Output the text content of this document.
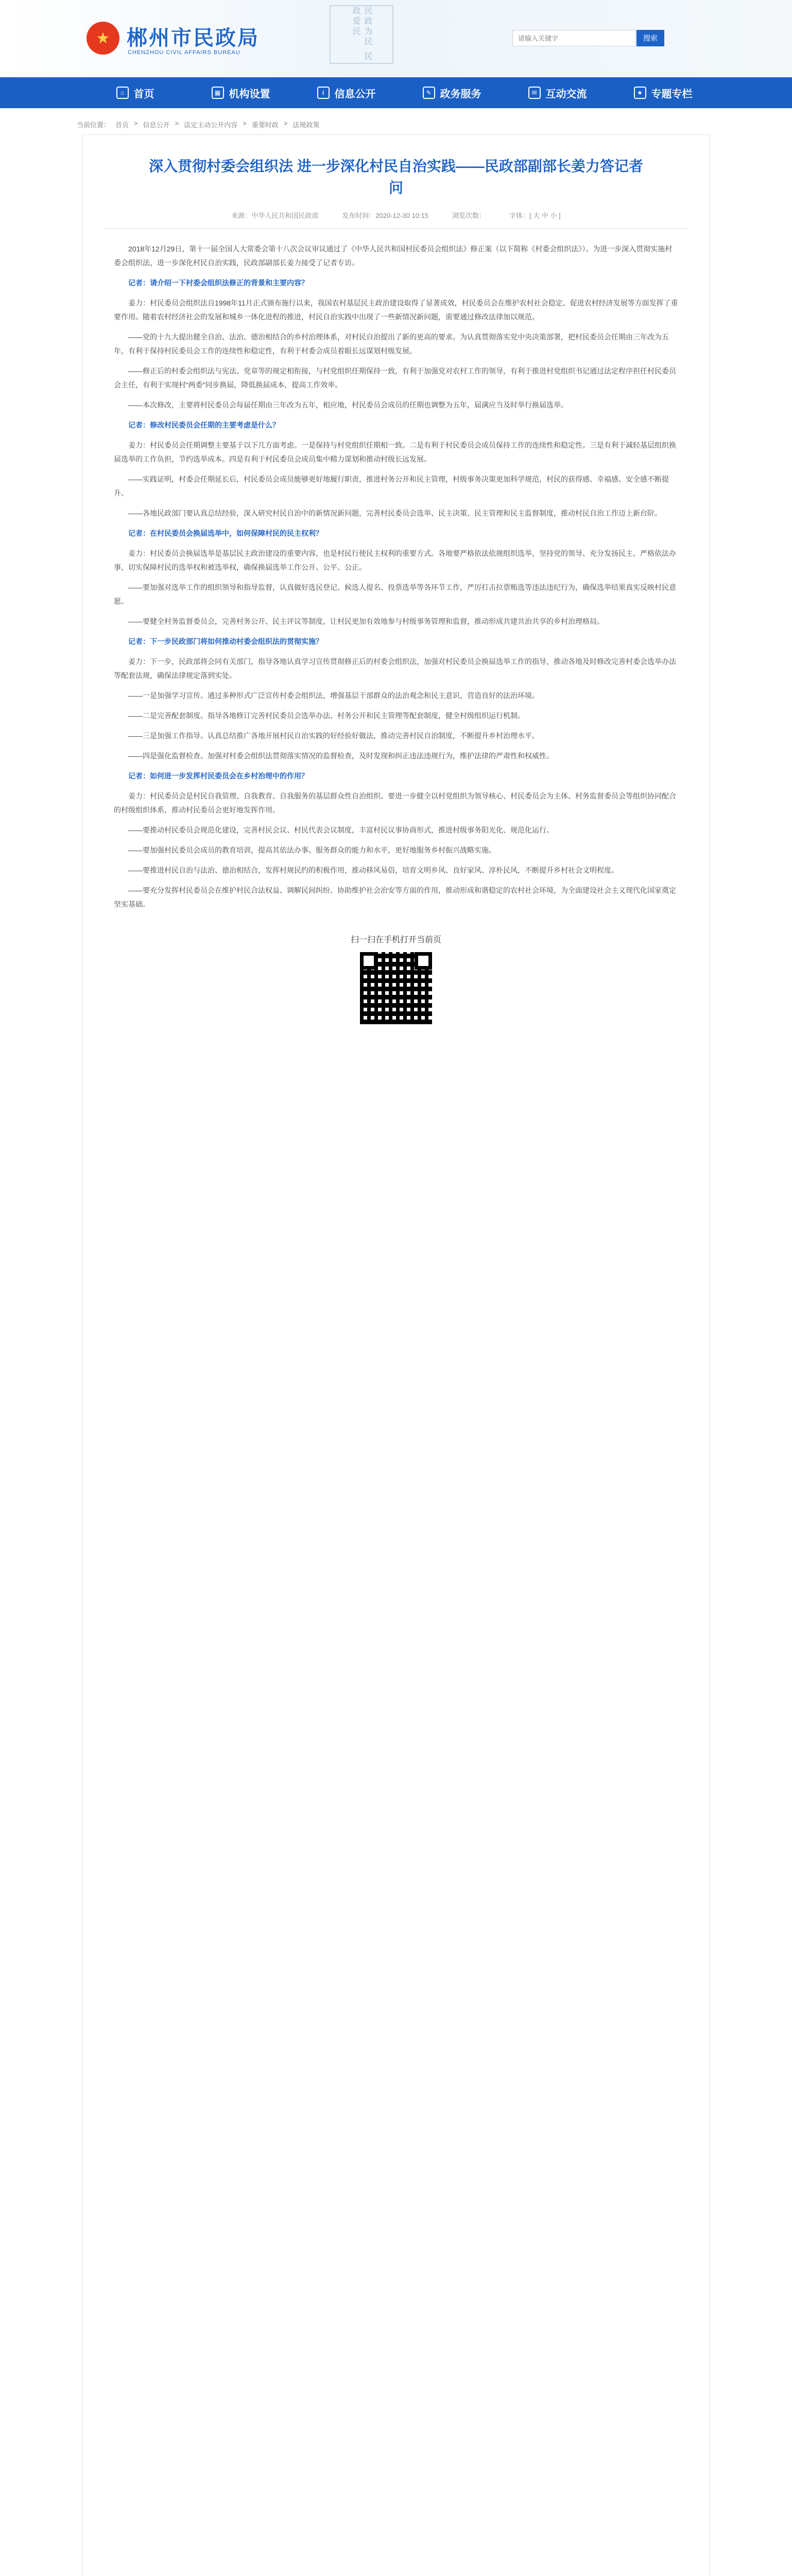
★ 郴州市民政局
CHENZHOU CIVIL AFFAIRS BUREAU	民政为民 民政爱民
请输入关键字
搜索
⌂ 首页	▦ 机构设置	i	信息公开	✎ 政务服务	✉ 互动交流	★ 专题专栏
当前位置： 首页 > 信息公开 > 法定主动公开内容 > 重要时政 > 法规政策
深入贯彻村委会组织法 进一步深化村民自治实践——民政部副部长姜力答记者问
来源：中华人民共和国民政部	发布时间：2020-12-30 10:15	浏览次数：	字体：[ 大 中 小 ]

2018年12月29日，第十一届全国人大常委会第十八次会议审议通过了《中华人民共和国村民委员会组织法》修正案（以下简称《村委会组织法》）。为进一步深入贯彻实施村委会组织法，进一步深化村民自治实践，民政部副部长姜力接受了记者专访。

记者：请介绍一下村委会组织法修正的背景和主要内容？

姜力：村民委员会组织法自1998年11月正式颁布施行以来，我国农村基层民主政治建设取得了显著成效，村民委员会在维护农村社会稳定、促进农村经济发展等方面发挥了重要作用。随着农村经济社会的发展和城乡一体化进程的推进，村民自治实践中出现了一些新情况新问题，需要通过修改法律加以规范。

——党的十九大提出健全自治、法治、德治相结合的乡村治理体系，对村民自治提出了新的更高的要求。为认真贯彻落实党中央决策部署，把村民委员会任期由三年改为五年，有利于保持村民委员会工作的连续性和稳定性，有利于村委会成员着眼长远谋划村级发展。

——修正后的村委会组织法与宪法、党章等的规定相衔接，与村党组织任期保持一致，有利于加强党对农村工作的领导，有利于推进村党组织书记通过法定程序担任村民委员会主任，有利于实现村“两委”同步换届，降低换届成本，提高工作效率。

——本次修改，主要将村民委员会每届任期由三年改为五年，相应地，村民委员会成员的任期也调整为五年，届满应当及时举行换届选举。

记者：修改村民委员会任期的主要考虑是什么？

姜力：村民委员会任期调整主要基于以下几方面考虑。一是保持与村党组织任期相一致。二是有利于村民委员会成员保持工作的连续性和稳定性。三是有利于减轻基层组织换届选举的工作负担，节约选举成本。四是有利于村民委员会成员集中精力谋划和推动村级长远发展。

——实践证明，村委会任期延长后，村民委员会成员能够更好地履行职责，推进村务公开和民主管理，村级事务决策更加科学规范，村民的获得感、幸福感、安全感不断提升。

——各地民政部门要认真总结经验，深入研究村民自治中的新情况新问题，完善村民委员会选举、民主决策、民主管理和民主监督制度，推动村民自治工作迈上新台阶。

记者：在村民委员会换届选举中，如何保障村民的民主权利？

姜力：村民委员会换届选举是基层民主政治建设的重要内容，也是村民行使民主权利的重要方式。各地要严格依法依规组织选举，坚持党的领导、充分发扬民主、严格依法办事，切实保障村民的选举权和被选举权，确保换届选举工作公开、公平、公正。

——要加强对选举工作的组织领导和指导监督，认真做好选民登记、候选人提名、投票选举等各环节工作，严厉打击拉票贿选等违法违纪行为，确保选举结果真实反映村民意愿。

——要健全村务监督委员会，完善村务公开、民主评议等制度，让村民更加有效地参与村级事务管理和监督，推动形成共建共治共享的乡村治理格局。

记者：下一步民政部门将如何推动村委会组织法的贯彻实施？

姜力：下一步，民政部将会同有关部门，指导各地认真学习宣传贯彻修正后的村委会组织法，加强对村民委员会换届选举工作的指导，推动各地及时修改完善村委会选举办法等配套法规，确保法律规定落到实处。

——一是加强学习宣传。通过多种形式广泛宣传村委会组织法，增强基层干部群众的法治观念和民主意识，营造良好的法治环境。

——二是完善配套制度。指导各地修订完善村民委员会选举办法、村务公开和民主管理等配套制度，健全村级组织运行机制。

——三是加强工作指导。认真总结推广各地开展村民自治实践的好经验好做法，推动完善村民自治制度，不断提升乡村治理水平。

——四是强化监督检查。加强对村委会组织法贯彻落实情况的监督检查，及时发现和纠正违法违规行为，维护法律的严肃性和权威性。

记者：如何进一步发挥村民委员会在乡村治理中的作用？

姜力：村民委员会是村民自我管理、自我教育、自我服务的基层群众性自治组织。要进一步健全以村党组织为领导核心、村民委员会为主体、村务监督委员会等组织协同配合的村级组织体系，推动村民委员会更好地发挥作用。

——要推动村民委员会规范化建设，完善村民会议、村民代表会议制度，丰富村民议事协商形式，推进村级事务阳光化、规范化运行。

——要加强村民委员会成员的教育培训，提高其依法办事、服务群众的能力和水平，更好地服务乡村振兴战略实施。

——要推进村民自治与法治、德治相结合，发挥村规民约的积极作用，推动移风易俗，培育文明乡风、良好家风、淳朴民风，不断提升乡村社会文明程度。

——要充分发挥村民委员会在维护村民合法权益、调解民间纠纷、协助维护社会治安等方面的作用，推动形成和谐稳定的农村社会环境，为全面建设社会主义现代化国家奠定坚实基础。

扫一扫在手机打开当前页
